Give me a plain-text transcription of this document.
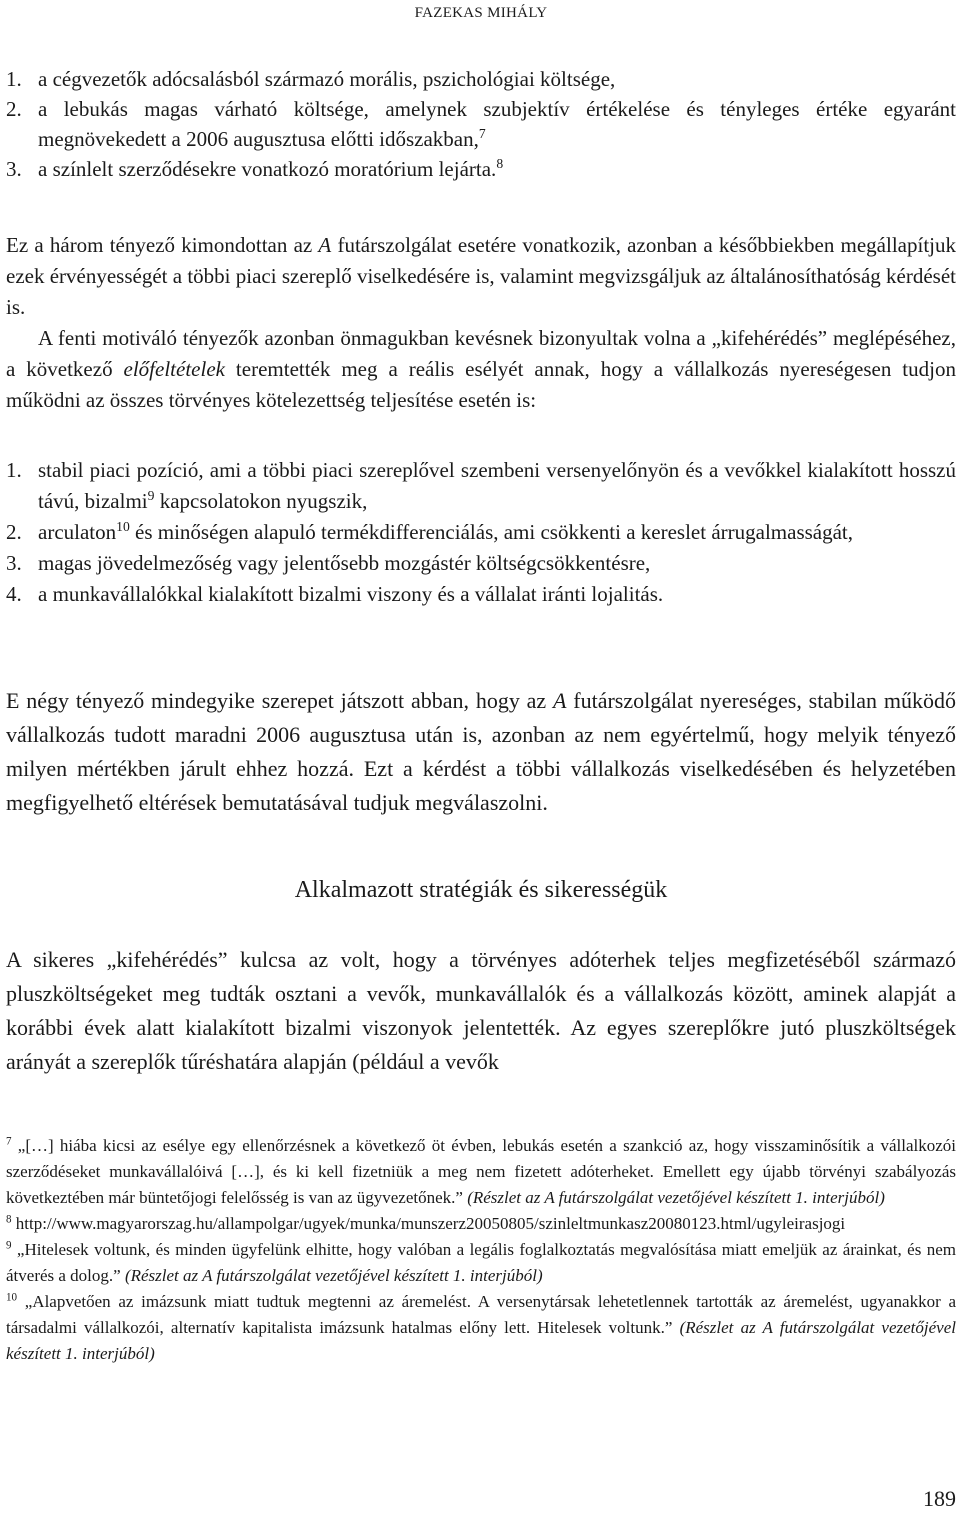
FAZEKAS MIHÁLY
1. a cégvezetők adócsalásból származó morális, pszichológiai költsége,
2. a lebukás magas várható költsége, amelynek szubjektív értékelése és tényleges értéke egyaránt megnövekedett a 2006 augusztusa előtti időszakban,$^7$
3. a színlelt szerződésekre vonatkozó moratórium lejárta.$^8$

Ez a három tényező kimondottan az A futárszolgálat esetére vonatkozik, azonban a későbbiekben megállapítjuk ezek érvényességét a többi piaci szereplő viselkedésére is, valamint megvizsgáljuk az általánosíthatóság kérdését is.

A fenti motiváló tényezők azonban önmagukban kevésnek bizonyultak volna a „kifehérédés” meglépéséhez, a következő előfeltételek teremtették meg a reális esélyét annak, hogy a vállalkozás nyereségesen tudjon működni az összes törvényes kötelezettség teljesítése esetén is:

1. stabil piaci pozíció, ami a többi piaci szereplővel szembeni versenyelőnyön és a vevőkkel kialakított hosszú távú, bizalmi$^9$ kapcsolatokon nyugszik,
2. arculaton$^{10}$ és minőségen alapuló termékdifferenciálás, ami csökkenti a kereslet árrugalmasságát,
3. magas jövedelmezőség vagy jelentősebb mozgástér költségcsökkentésre,
4. a munkavállalókkal kialakított bizalmi viszony és a vállalat iránti lojalitás.

E négy tényező mindegyike szerepet játszott abban, hogy az A futárszolgálat nyereséges, stabilan működő vállalkozás tudott maradni 2006 augusztusa után is, azonban az nem egyértelmű, hogy melyik tényező milyen mértékben járult ehhez hozzá. Ezt a kérdést a többi vállalkozás viselkedésében és helyzetében megfigyelhető eltérések bemutatásával tudjuk megválaszolni.

Alkalmazott stratégiák és sikerességük

A sikeres „kifehérédés” kulcsa az volt, hogy a törvényes adóterhek teljes megfizetéséből származó pluszköltségeket meg tudták osztani a vevők, munkavállalók és a vállalkozás között, aminek alapját a korábbi évek alatt kialakított bizalmi viszonyok jelentették. Az egyes szereplőkre jutó pluszköltségek arányát a szereplők tűréshatára alapján (például a vevők

$^7$ „[…] hiába kicsi az esélye egy ellenőrzésnek a következő öt évben, lebukás esetén a szankció az, hogy visszaminősítik a vállalkozói szerződéseket munkavállalóivá […], és ki kell fizetniük a meg nem fizetett adóterheket. Emellett egy újabb törvényi szabályozás következtében már büntetőjogi felelősség is van az ügyvezetőnek.” (Részlet az A futárszolgálat vezetőjével készített 1. interjúból)

$^8$ http://www.magyarorszag.hu/allampolgar/ugyek/munka/munszerz20050805/szinleltmunkasz20080123.html/ugyleirasjogi

$^9$ „Hitelesek voltunk, és minden ügyfelünk elhitte, hogy valóban a legális foglalkoztatás megvalósítása miatt emeljük az árainkat, és nem átverés a dolog.” (Részlet az A futárszolgálat vezetőjével készített 1. interjúból)

$^{10}$ „Alapvetően az imázsunk miatt tudtuk megtenni az áremelést. A versenytársak lehetetlennek tartották az áremelést, ugyanakkor a társadalmi vállalkozói, alternatív kapitalista imázsunk hatalmas előny lett. Hitelesek voltunk.” (Részlet az A futárszolgálat vezetőjével készített 1. interjúból)

189
